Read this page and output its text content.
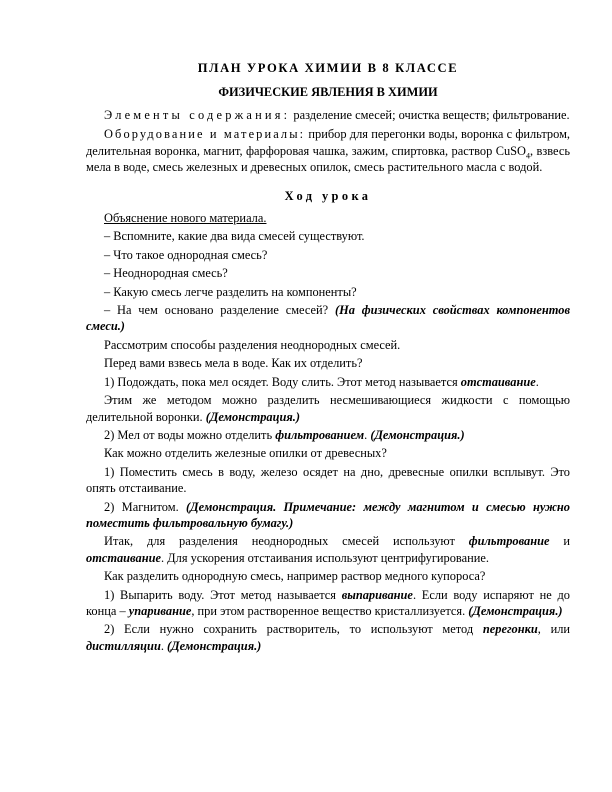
ПЛАН УРОКА ХИМИИ В 8 КЛАССЕ
ФИЗИЧЕСКИЕ ЯВЛЕНИЯ В ХИМИИ

Элементы содержания: разделение смесей; очистка веществ; фильтрование.

Оборудование и материалы: прибор для перегонки воды, воронка с фильтром, делительная воронка, магнит, фарфоровая чашка, зажим, спиртовка, раствор CuSO$_4$, взвесь мела в воде, смесь железных и древесных опилок, смесь растительного масла с водой.

Ход урока

Объяснение нового материала.

– Вспомните, какие два вида смесей существуют.

– Что такое однородная смесь?

– Неоднородная смесь?

– Какую смесь легче разделить на компоненты?

– На чем основано разделение смесей? (На физических свойствах компонентов смеси.)

Рассмотрим способы разделения неоднородных смесей.

Перед вами взвесь мела в воде. Как их отделить?

1) Подождать, пока мел осядет. Воду слить. Этот метод называется отстаивание.

Этим же методом можно разделить несмешивающиеся жидкости с помощью делительной воронки. (Демонстрация.)

2) Мел от воды можно отделить фильтрованием. (Демонстрация.)

Как можно отделить железные опилки от древесных?

1) Поместить смесь в воду, железо осядет на дно, древесные опилки всплывут. Это опять отстаивание.

2) Магнитом. (Демонстрация. Примечание: между магнитом и смесью нужно поместить фильтровальную бумагу.)

Итак, для разделения неоднородных смесей используют фильтрование и отстаивание. Для ускорения отстаивания используют центрифугирование.

Как разделить однородную смесь, например раствор медного купороса?

1) Выпарить воду. Этот метод называется выпаривание. Если воду испаряют не до конца – упаривание, при этом растворенное вещество кристаллизуется. (Демонстрация.)

2) Если нужно сохранить растворитель, то используют метод перегонки, или дистилляции. (Демонстрация.)
